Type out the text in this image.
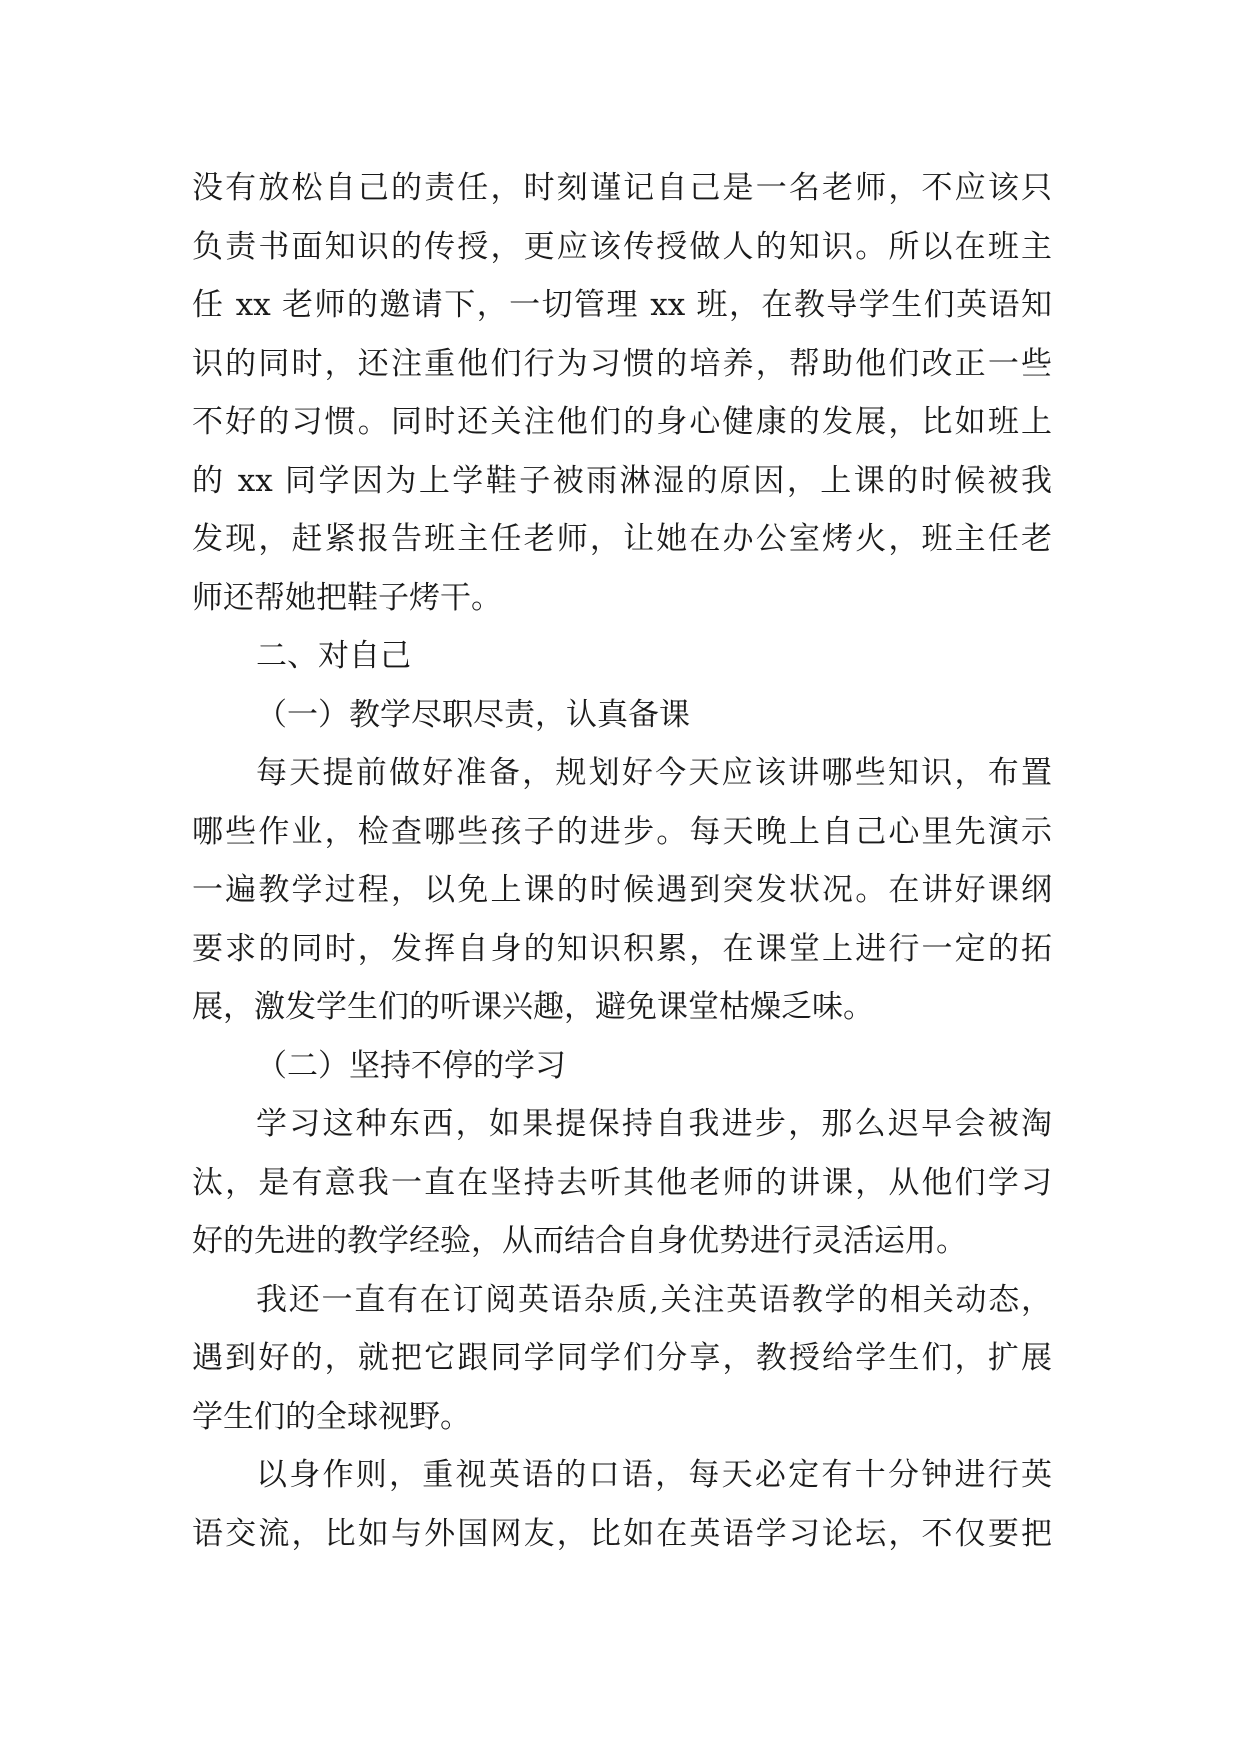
没有放松自己的责任，时刻谨记自己是一名老师，不应该只
负责书面知识的传授，更应该传授做人的知识。所以在班主
任 xx 老师的邀请下，一切管理 xx 班，在教导学生们英语知
识的同时，还注重他们行为习惯的培养，帮助他们改正一些
不好的习惯。同时还关注他们的身心健康的发展，比如班上
的 xx 同学因为上学鞋子被雨淋湿的原因，上课的时候被我
发现，赶紧报告班主任老师，让她在办公室烤火，班主任老
师还帮她把鞋子烤干。
二、对自己
（一）教学尽职尽责，认真备课
每天提前做好准备，规划好今天应该讲哪些知识，布置
哪些作业，检查哪些孩子的进步。每天晚上自己心里先演示
一遍教学过程，以免上课的时候遇到突发状况。在讲好课纲
要求的同时，发挥自身的知识积累，在课堂上进行一定的拓
展，激发学生们的听课兴趣，避免课堂枯燥乏味。
（二）坚持不停的学习
学习这种东西，如果提保持自我进步，那么迟早会被淘
汰，是有意我一直在坚持去听其他老师的讲课，从他们学习
好的先进的教学经验，从而结合自身优势进行灵活运用。
我还一直有在订阅英语杂质,关注英语教学的相关动态，
遇到好的，就把它跟同学同学们分享，教授给学生们，扩展
学生们的全球视野。
以身作则，重视英语的口语，每天必定有十分钟进行英
语交流，比如与外国网友，比如在英语学习论坛，不仅要把
